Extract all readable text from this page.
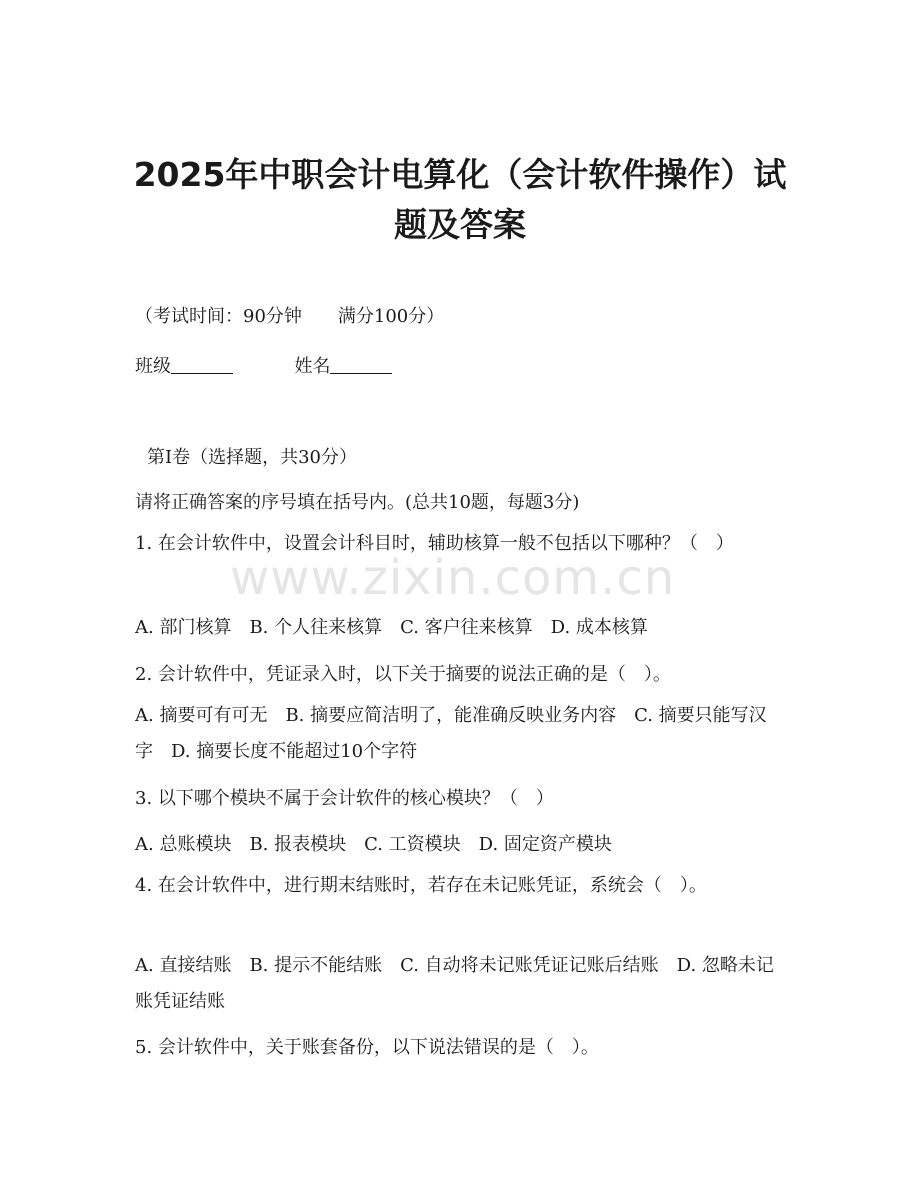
2025年中职会计电算化（会计软件操作）试
题及答案
（考试时间：90分钟　　满分100分）
班级	姓名
第I卷（选择题，共30分）
请将正确答案的序号填在括号内。(总共10题，每题3分)
www.zixin.com.cn
1. 在会计软件中，设置会计科目时，辅助核算一般不包括以下哪种？（　）
A. 部门核算　B. 个人往来核算　C. 客户往来核算　D. 成本核算
2. 会计软件中，凭证录入时，以下关于摘要的说法正确的是（　）。
A. 摘要可有可无　B. 摘要应简洁明了，能准确反映业务内容　C. 摘要只能写汉字　D. 摘要长度不能超过10个字符
3. 以下哪个模块不属于会计软件的核心模块？（　）
A. 总账模块　B. 报表模块　C. 工资模块　D. 固定资产模块
4. 在会计软件中，进行期末结账时，若存在未记账凭证，系统会（　）。
A. 直接结账　B. 提示不能结账　C. 自动将未记账凭证记账后结账　D. 忽略未记账凭证结账
5. 会计软件中，关于账套备份，以下说法错误的是（　）。
